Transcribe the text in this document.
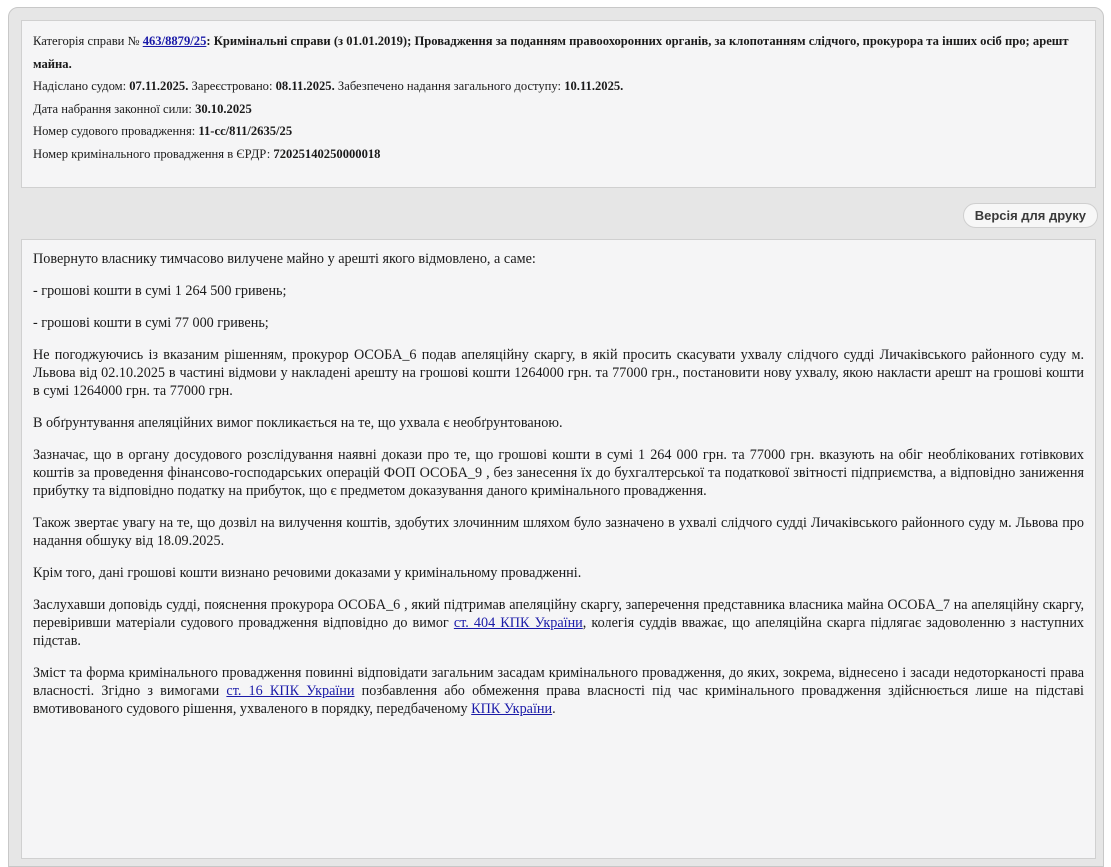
Категорія справи № 463/8879/25: Кримінальні справи (з 01.01.2019); Провадження за поданням правоохоронних органів, за клопотанням слідчого, прокурора та інших осіб про; арешт майна.
Надіслано судом: 07.11.2025. Зареєстровано: 08.11.2025. Забезпечено надання загального доступу: 10.11.2025.
Дата набрання законної сили: 30.10.2025
Номер судового провадження: 11-сс/811/2635/25
Номер кримінального провадження в ЄРДР: 72025140250000018
Версія для друку

Повернуто власнику тимчасово вилучене майно у арешті якого відмовлено, а саме:

- грошові кошти в сумі 1 264 500 гривень;

- грошові кошти в сумі 77 000 гривень;

Не погоджуючись із вказаним рішенням, прокурор ОСОБА_6 подав апеляційну скаргу, в якій просить скасувати ухвалу слідчого судді Личаківського районного суду м. Львова від 02.10.2025 в частині відмови у накладені арешту на грошові кошти 1264000 грн. та 77000 грн., постановити нову ухвалу, якою накласти арешт на грошові кошти в сумі 1264000 грн. та 77000 грн.

В обґрунтування апеляційних вимог покликається на те, що ухвала є необґрунтованою.

Зазначає, що в органу досудового розслідування наявні докази про те, що грошові кошти в сумі 1 264 000 грн. та 77000 грн. вказують на обіг необлікованих готівкових коштів за проведення фінансово-господарських операцій ФОП ОСОБА_9 , без занесення їх до бухгалтерської та податкової звітності підприємства, а відповідно заниження прибутку та відповідно податку на прибуток, що є предметом доказування даного кримінального провадження.

Також звертає увагу на те, що дозвіл на вилучення коштів, здобутих злочинним шляхом було зазначено в ухвалі слідчого судді Личаківського районного суду м. Львова про надання обшуку від 18.09.2025.

Крім того, дані грошові кошти визнано речовими доказами у кримінальному провадженні.

Заслухавши доповідь судді, пояснення прокурора ОСОБА_6 , який підтримав апеляційну скаргу, заперечення представника власника майна ОСОБА_7 на апеляційну скаргу, перевіривши матеріали судового провадження відповідно до вимог ст. 404 КПК України, колегія суддів вважає, що апеляційна скарга підлягає задоволенню з наступних підстав.

Зміст та форма кримінального провадження повинні відповідати загальним засадам кримінального провадження, до яких, зокрема, віднесено і засади недоторканості права власності. Згідно з вимогами ст. 16 КПК України позбавлення або обмеження права власності під час кримінального провадження здійснюється лише на підставі вмотивованого судового рішення, ухваленого в порядку, передбаченому КПК України.
